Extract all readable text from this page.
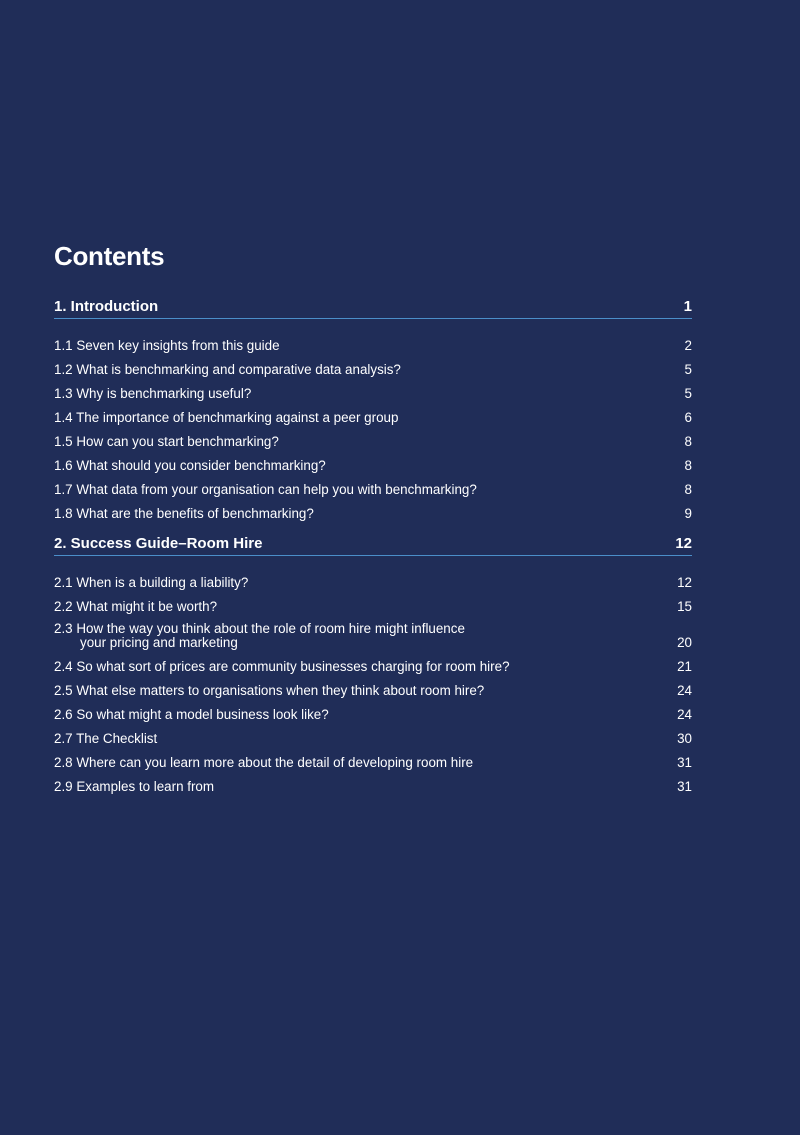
Contents
1. Introduction	1
1.1 Seven key insights from this guide	2
1.2 What is benchmarking and comparative data analysis?	5
1.3 Why is benchmarking useful?	5
1.4 The importance of benchmarking against a peer group	6
1.5 How can you start benchmarking?	8
1.6 What should you consider benchmarking?	8
1.7 What data from your organisation can help you with benchmarking?	8
1.8 What are the benefits of benchmarking?	9
2. Success Guide–Room Hire	12
2.1 When is a building a liability?	12
2.2 What might it be worth?	15
2.3 How the way you think about the role of room hire might influence
your pricing and marketing	20
2.4 So what sort of prices are community businesses charging for room hire?	21
2.5 What else matters to organisations when they think about room hire?	24
2.6 So what might a model business look like?	24
2.7 The Checklist	30
2.8 Where can you learn more about the detail of developing room hire	31
2.9 Examples to learn from	31
